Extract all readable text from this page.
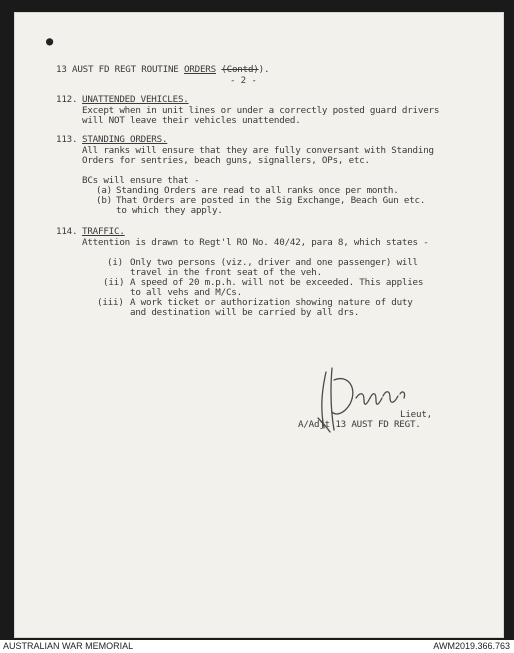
●
13 AUST FD REGT ROUTINE ORDERS (Contd)).
- 2 -
112. UNATTENDED VEHICLES.
Except when in unit lines or under a correctly posted guard drivers
will NOT leave their vehicles unattended.
113. STANDING ORDERS.
All ranks will ensure that they are fully conversant with Standing
Orders for sentries, beach guns, signallers, OPs, etc.
BCs will ensure that -
(a) Standing Orders are read to all ranks once per month.
(b) That Orders are posted in the Sig Exchange, Beach Gun etc.
to which they apply.
114. TRAFFIC.
Attention is drawn to Regt'l RO No. 40/42, para 8, which states -
(i) Only two persons (viz., driver and one passenger) will
travel in the front seat of the veh.
(ii) A speed of 20 m.p.h. will not be exceeded. This applies
to all vehs and M/Cs.
(iii) A work ticket or authorization showing nature of duty
and destination will be carried by all drs.
Lieut,
A/Adjt 13 AUST FD REGT.
AUSTRALIAN WAR MEMORIAL	AWM2019.366.763
